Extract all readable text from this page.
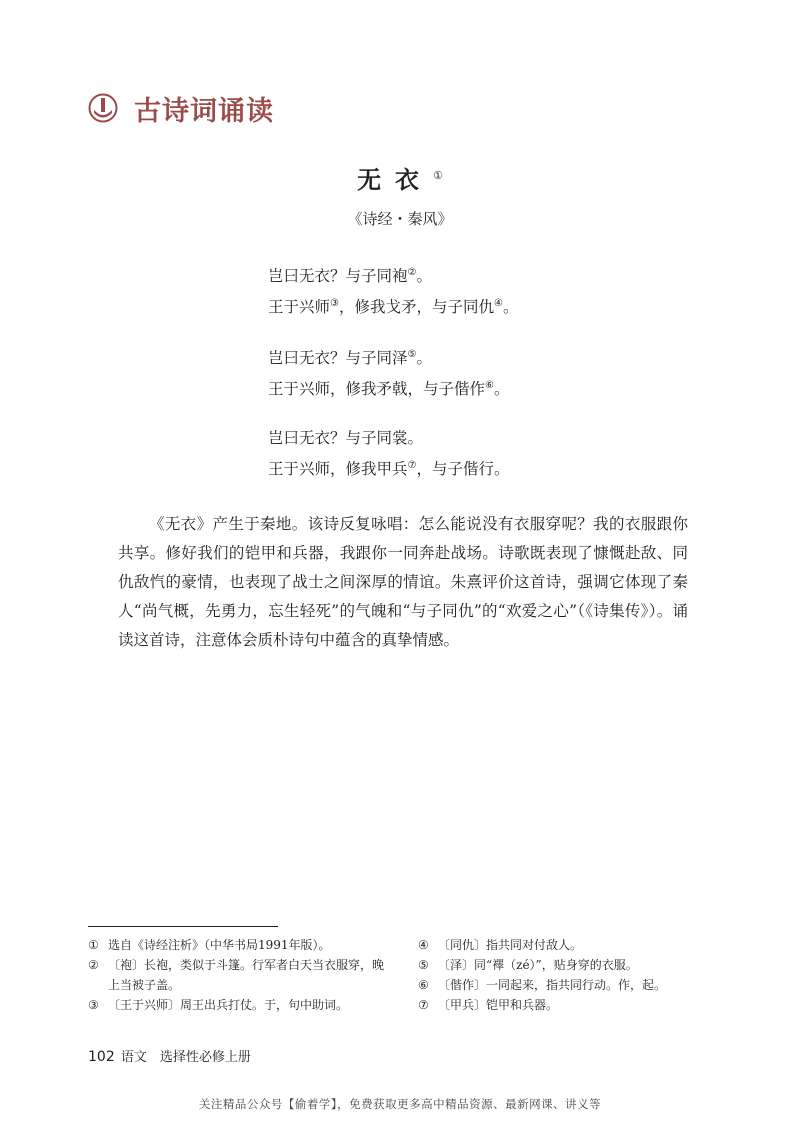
古诗词诵读
无衣①
《诗经・秦风》
岂曰无衣？与子同袍②。
王于兴师③，修我戈矛，与子同仇④。
岂曰无衣？与子同泽⑤。
王于兴师，修我矛戟，与子偕作⑥。
岂曰无衣？与子同裳。
王于兴师，修我甲兵⑦，与子偕行。
《无衣》产生于秦地。该诗反复咏唱：怎么能说没有衣服穿呢？我的衣服跟你共享。修好我们的铠甲和兵器，我跟你一同奔赴战场。诗歌既表现了慷慨赴敌、同仇敌忾的豪情，也表现了战士之间深厚的情谊。朱熹评价这首诗，强调它体现了秦人“尚气概，先勇力，忘生轻死”的气魄和“与子同仇”的“欢爱之心”（《诗集传》）。诵读这首诗，注意体会质朴诗句中蕴含的真挚情感。
① 选自《诗经注析》（中华书局1991年版）。
② 〔袍〕长袍，类似于斗篷。行军者白天当衣服穿，晚上当被子盖。
③ 〔王于兴师〕周王出兵打仗。于，句中助词。
④ 〔同仇〕指共同对付敌人。
⑤ 〔泽〕同“襗（zé）”，贴身穿的衣服。
⑥ 〔偕作〕一同起来，指共同行动。作，起。
⑦ 〔甲兵〕铠甲和兵器。
102 语文　选择性必修上册
关注精品公众号【偷着学】，免费获取更多高中精品资源、最新网课、讲义等
